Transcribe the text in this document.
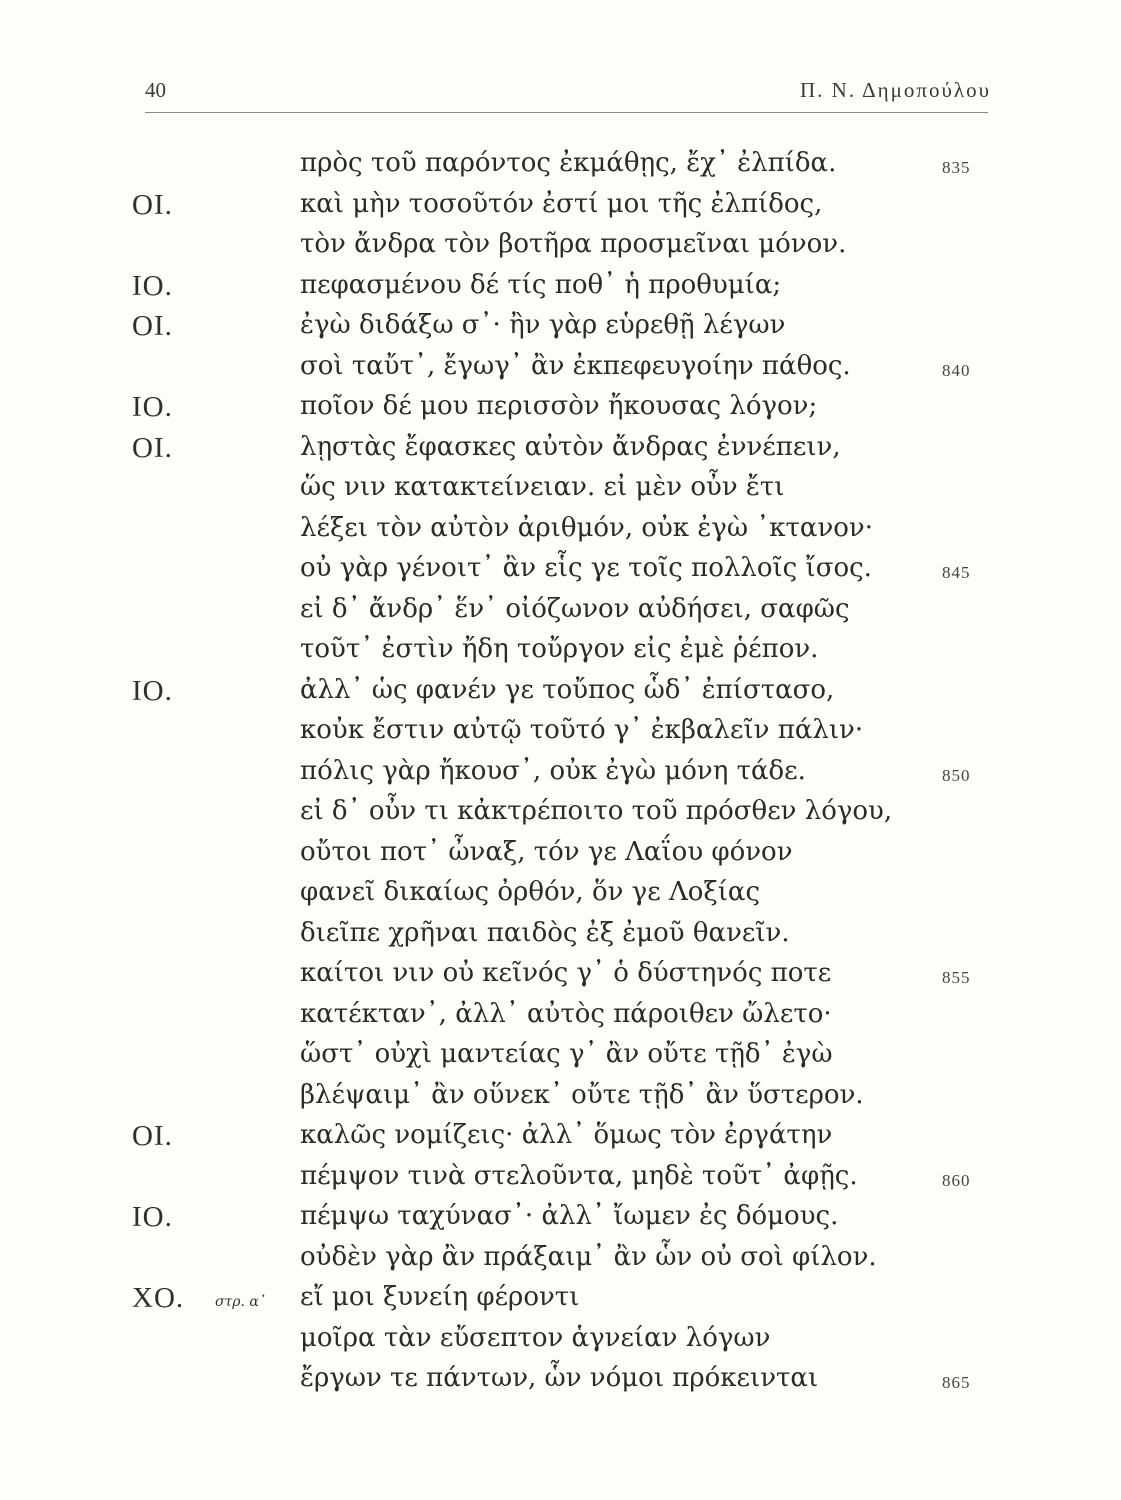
40	Π. Ν. Δημοπούλου
πρὸς τοῦ παρόντος ἐκμάθῃς, ἔχ᾽ ἐλπίδα.	835
ΟΙ.	καὶ μὴν τοσοῦτόν ἐστί μοι τῆς ἐλπίδος,
τὸν ἄνδρα τὸν βοτῆρα προσμεῖναι μόνον.
ΙΟ.	πεφασμένου δέ τίς ποθ᾽ ἡ προθυμία;
ΟΙ.	ἐγὼ διδάξω σ᾽· ἢν γὰρ εὑρεθῇ λέγων
σοὶ ταὔτ᾽, ἔγωγ᾽ ἂν ἐκπεφευγοίην πάθος.	840
ΙΟ.	ποῖον δέ μου περισσὸν ἤκουσας λόγον;
ΟΙ.	λῃστὰς ἔφασκες αὐτὸν ἄνδρας ἐννέπειν,
ὥς νιν κατακτείνειαν. εἰ μὲν οὖν ἔτι
λέξει τὸν αὐτὸν ἀριθμόν, οὐκ ἐγὼ ᾽κτανον·
οὐ γὰρ γένοιτ᾽ ἂν εἷς γε τοῖς πολλοῖς ἴσος.	845
εἰ δ᾽ ἄνδρ᾽ ἕν᾽ οἰόζωνον αὐδήσει, σαφῶς
τοῦτ᾽ ἐστὶν ἤδη τοὔργον εἰς ἐμὲ ῥέπον.
ΙΟ.	ἀλλ᾽ ὡς φανέν γε τοὔπος ὧδ᾽ ἐπίστασο,
κοὐκ ἔστιν αὐτῷ τοῦτό γ᾽ ἐκβαλεῖν πάλιν·
πόλις γὰρ ἤκουσ᾽, οὐκ ἐγὼ μόνη τάδε.	850
εἰ δ᾽ οὖν τι κἀκτρέποιτο τοῦ πρόσθεν λόγου,
οὔτοι ποτ᾽ ὦναξ, τόν γε Λαΐου φόνον
φανεῖ δικαίως ὀρθόν, ὅν γε Λοξίας
διεῖπε χρῆναι παιδὸς ἐξ ἐμοῦ θανεῖν.
καίτοι νιν οὐ κεῖνός γ᾽ ὁ δύστηνός ποτε	855
κατέκταν᾽, ἀλλ᾽ αὐτὸς πάροιθεν ὤλετο·
ὥστ᾽ οὐχὶ μαντείας γ᾽ ἂν οὔτε τῇδ᾽ ἐγὼ
βλέψαιμ᾽ ἂν οὕνεκ᾽ οὔτε τῇδ᾽ ἂν ὕστερον.
ΟΙ.	καλῶς νομίζεις· ἀλλ᾽ ὅμως τὸν ἐργάτην
πέμψον τινὰ στελοῦντα, μηδὲ τοῦτ᾽ ἀφῇς.	860
ΙΟ.	πέμψω ταχύνασ᾽· ἀλλ᾽ ἴωμεν ἐς δόμους.
οὐδὲν γὰρ ἂν πράξαιμ᾽ ἂν ὧν οὐ σοὶ φίλον.
ΧΟ. στρ. α᾽ εἴ μοι ξυνείη φέροντι
μοῖρα τὰν εὔσεπτον ἁγνείαν λόγων
ἔργων τε πάντων, ὧν νόμοι πρόκεινται	865
